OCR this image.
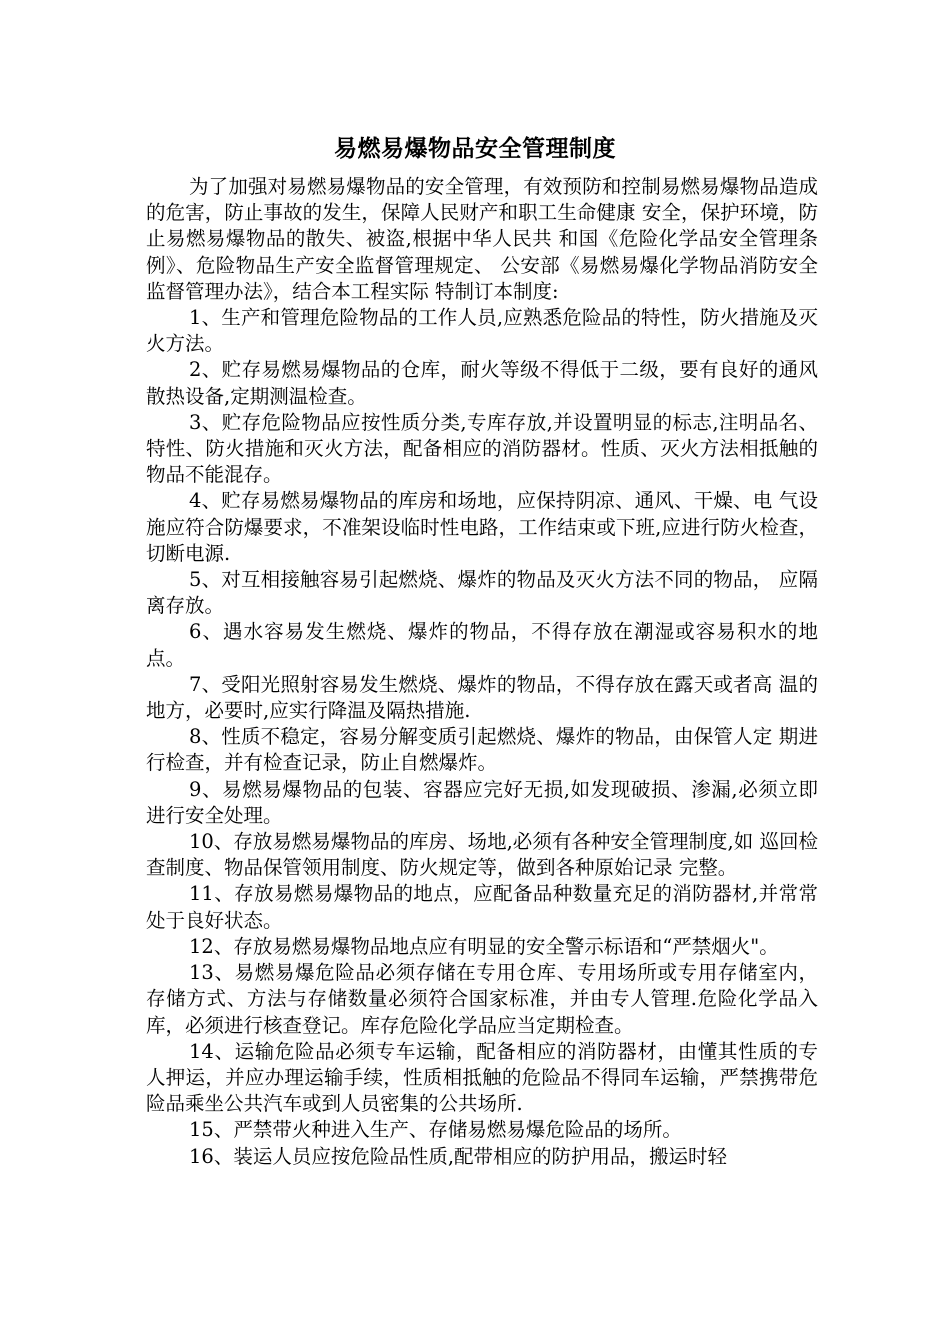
易燃易爆物品安全管理制度

为了加强对易燃易爆物品的安全管理，有效预防和控制易燃易爆物品造成的危害，防止事故的发生，保障人民财产和职工生命健康 安全，保护环境，防止易燃易爆物品的散失、被盗,根据中华人民共 和国《危险化学品安全管理条例》、危险物品生产安全监督管理规定、 公安部《易燃易爆化学物品消防安全监督管理办法》，结合本工程实际 特制订本制度:

1、生产和管理危险物品的工作人员,应熟悉危险品的特性，防火措施及灭火方法。

2、贮存易燃易爆物品的仓库，耐火等级不得低于二级，要有良好的通风散热设备,定期测温检查。

3、贮存危险物品应按性质分类,专库存放,并设置明显的标志,注明品名、特性、防火措施和灭火方法，配备相应的消防器材。性质、灭火方法相抵触的物品不能混存。

4、贮存易燃易爆物品的库房和场地，应保持阴凉、通风、干燥、电 气设施应符合防爆要求，不准架设临时性电路，工作结束或下班,应进行防火检查，切断电源.

5、对互相接触容易引起燃烧、爆炸的物品及灭火方法不同的物品， 应隔离存放。

6、遇水容易发生燃烧、爆炸的物品，不得存放在潮湿或容易积水的地点。

7、受阳光照射容易发生燃烧、爆炸的物品，不得存放在露天或者高 温的地方，必要时,应实行降温及隔热措施.

8、性质不稳定，容易分解变质引起燃烧、爆炸的物品，由保管人定 期进行检查，并有检查记录，防止自燃爆炸。

9、易燃易爆物品的包装、容器应完好无损,如发现破损、渗漏,必须立即进行安全处理。

10、存放易燃易爆物品的库房、场地,必须有各种安全管理制度,如 巡回检查制度、物品保管领用制度、防火规定等，做到各种原始记录 完整。

11、存放易燃易爆物品的地点，应配备品种数量充足的消防器材,并常常处于良好状态。

12、存放易燃易爆物品地点应有明显的安全警示标语和“严禁烟火"。

13、易燃易爆危险品必须存储在专用仓库、专用场所或专用存储室内，存储方式、方法与存储数量必须符合国家标准，并由专人管理.危险化学品入库，必须进行核查登记。库存危险化学品应当定期检查。

14、运输危险品必须专车运输，配备相应的消防器材，由懂其性质的专人押运，并应办理运输手续，性质相抵触的危险品不得同车运输，严禁携带危险品乘坐公共汽车或到人员密集的公共场所.

15、严禁带火种进入生产、存储易燃易爆危险品的场所。

16、装运人员应按危险品性质,配带相应的防护用品，搬运时轻
